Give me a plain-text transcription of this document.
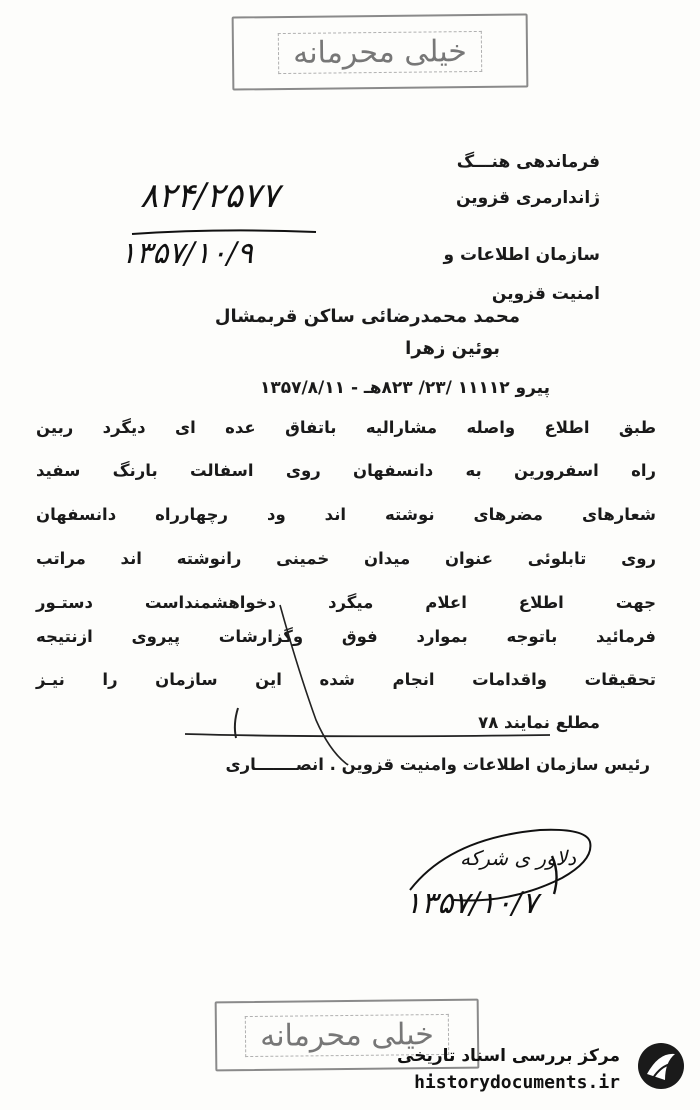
خیلی محرمانه
فرماندهی هنـــگ
ژاندارمری قزوین
سازمان اطلاعات و
امنیت قزوین
۸۲۴/۲۵۷۷
۱۳۵۷/۱۰/۹
محمد محمدرضائی ساکن قربمشال
بوئین زهرا
پیرو ۱۱۱۱۲ /۲۳/ ۸۲۳هـ - ۱۳۵۷/۸/۱۱
طبق اطلاع واصله مشارالیه باتفاق عده ای دیگرد ربین
راه اسفرورین به دانسفهان روی اسفالت بارنگ سفید
شعارهای مضرهای نوشته اند ود رچهارراه دانسفهان
روی تابلوئی عنوان میدان خمینی رانوشته اند مراتب
جهت اطلاع اعلام میگرد دخواهشمنداست دستـور
فرمائید باتوجه بموارد فوق وگزارشات پیروی ازنتیجه
تحقیقات واقدامات انجام شده این سازمان را نیـز
مطلع نمایند ۷۸
رئیس سازمان اطلاعات وامنیت قزوین . انصـــــــاری
دلاور ی شرکه
۱۳۵۷/۱۰/۷
خیلی محرمانه
مرکز بررسی اسناد تاریخی
historydocuments.ir
